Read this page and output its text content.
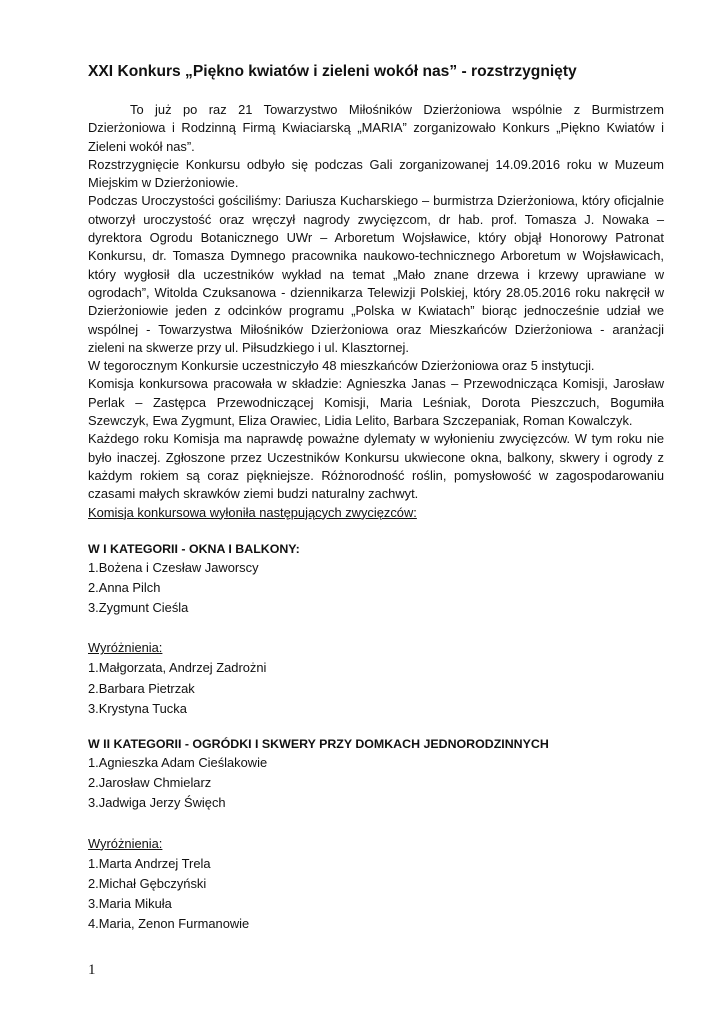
XXI Konkurs „Piękno kwiatów i zieleni wokół nas” - rozstrzygnięty

To już po raz 21 Towarzystwo Miłośników Dzierżoniowa wspólnie z Burmistrzem Dzierżoniowa i Rodzinną Firmą Kwiaciarską „MARIA” zorganizowało Konkurs „Piękno Kwiatów i Zieleni wokół nas”.

Rozstrzygnięcie Konkursu odbyło się podczas Gali zorganizowanej 14.09.2016 roku w Muzeum Miejskim w Dzierżoniowie.

Podczas Uroczystości gościliśmy: Dariusza Kucharskiego – burmistrza Dzierżoniowa, który oficjalnie otworzył uroczystość oraz wręczył nagrody zwycięzcom, dr hab. prof. Tomasza J. Nowaka – dyrektora Ogrodu Botanicznego UWr – Arboretum Wojsławice, który objął Honorowy Patronat Konkursu, dr. Tomasza Dymnego pracownika naukowo-technicznego Arboretum w Wojsławicach, który wygłosił dla uczestników wykład na temat „Mało znane drzewa i krzewy uprawiane w ogrodach”, Witolda Czuksanowa - dziennikarza Telewizji Polskiej, który 28.05.2016 roku nakręcił w Dzierżoniowie jeden z odcinków programu „Polska w Kwiatach” biorąc jednocześnie udział we wspólnej - Towarzystwa Miłośników Dzierżoniowa oraz Mieszkańców Dzierżoniowa - aranżacji zieleni na skwerze przy ul. Piłsudzkiego i ul. Klasztornej.

W tegorocznym Konkursie uczestniczyło 48 mieszkańców Dzierżoniowa oraz 5 instytucji.

Komisja konkursowa pracowała w składzie: Agnieszka Janas – Przewodnicząca Komisji, Jarosław Perlak – Zastępca Przewodniczącej Komisji, Maria Leśniak, Dorota Pieszczuch, Bogumiła Szewczyk, Ewa Zygmunt, Eliza Orawiec, Lidia Lelito, Barbara Szczepaniak, Roman Kowalczyk.

Każdego roku Komisja ma naprawdę poważne dylematy w wyłonieniu zwycięzców. W tym roku nie było inaczej. Zgłoszone przez Uczestników Konkursu ukwiecone okna, balkony, skwery i ogrody z każdym rokiem są coraz piękniejsze. Różnorodność roślin, pomysłowość w zagospodarowaniu czasami małych skrawków ziemi budzi naturalny zachwyt.

Komisja konkursowa wyłoniła następujących zwycięzców:

W I KATEGORII - OKNA I BALKONY:

1.Bożena i Czesław Jaworscy
2.Anna Pilch
3.Zygmunt Cieśla

Wyróżnienia:

1.Małgorzata, Andrzej Zadrożni
2.Barbara Pietrzak
3.Krystyna Tucka

W II KATEGORII - OGRÓDKI I SKWERY PRZY DOMKACH JEDNORODZINNYCH

1.Agnieszka Adam Cieślakowie
2.Jarosław Chmielarz
3.Jadwiga Jerzy Święch

Wyróżnienia:

1.Marta Andrzej Trela
2.Michał Gębczyński
3.Maria Mikuła
4.Maria, Zenon Furmanowie
1
